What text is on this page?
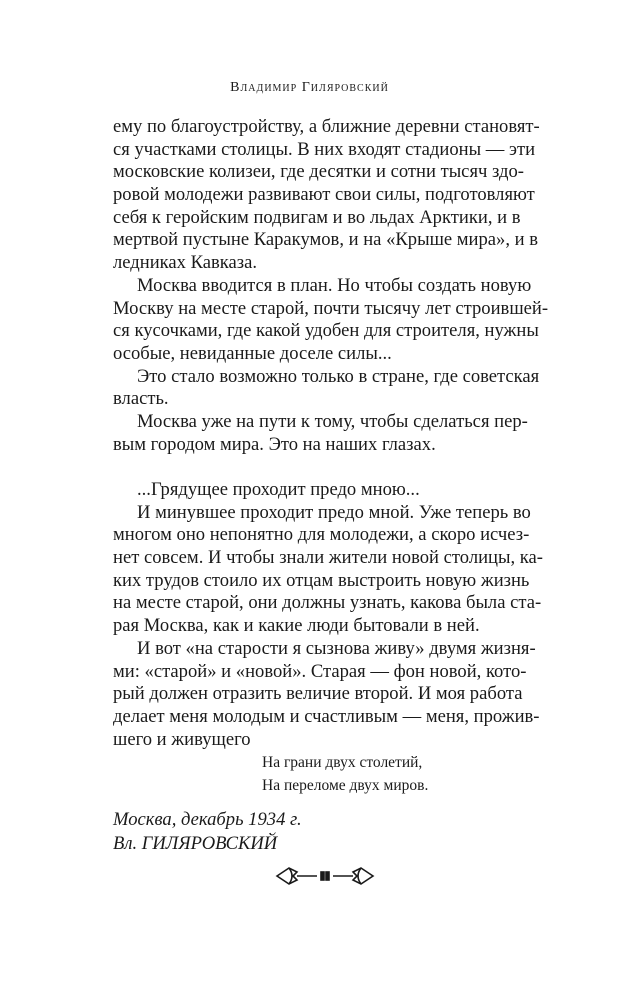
Владимир Гиляровский
ему по благоустройству, а ближние деревни становят-
ся участками столицы. В них входят стадионы — эти
московские колизеи, где десятки и сотни тысяч здо-
ровой молодежи развивают свои силы, подготовляют
себя к геройским подвигам и во льдах Арктики, и в
мертвой пустыне Каракумов, и на «Крыше мира», и в
ледниках Кавказа.
Москва вводится в план. Но чтобы создать новую
Москву на месте старой, почти тысячу лет строившей-
ся кусочками, где какой удобен для строителя, нужны
особые, невиданные доселе силы...
Это стало возможно только в стране, где советская
власть.
Москва уже на пути к тому, чтобы сделаться пер-
вым городом мира. Это на наших глазах.
...Грядущее проходит предо мною...
И минувшее проходит предо мной. Уже теперь во
многом оно непонятно для молодежи, а скоро исчез-
нет совсем. И чтобы знали жители новой столицы, ка-
ких трудов стоило их отцам выстроить новую жизнь
на месте старой, они должны узнать, какова была ста-
рая Москва, как и какие люди бытовали в ней.
И вот «на старости я сызнова живу» двумя жизня-
ми: «старой» и «новой». Старая — фон новой, кото-
рый должен отразить величие второй. И моя работа
делает меня молодым и счастливым — меня, прожив-
шего и живущего
На грани двух столетий,
На переломе двух миров.
Москва, декабрь 1934 г.
Вл. ГИЛЯРОВСКИЙ
